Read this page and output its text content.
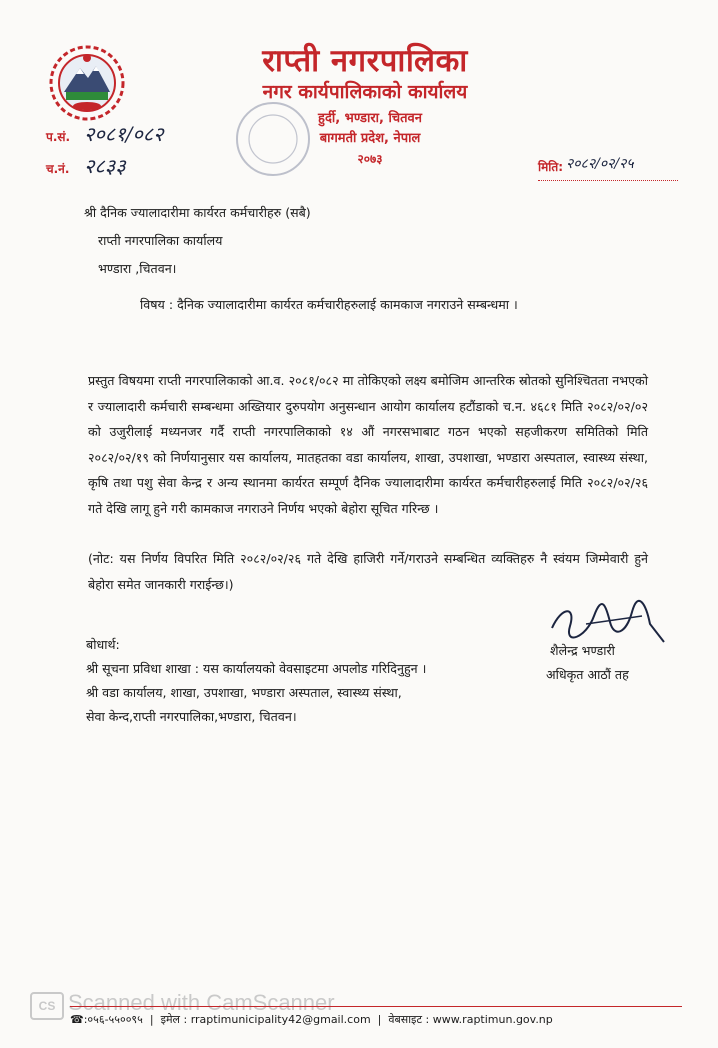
राप्ती नगरपालिका
नगर कार्यपालिकाको कार्यालय
हुर्दी, भण्डारा, चितवन
बागमती प्रदेश, नेपाल
२०७३
प.सं. २०८१/०८२
च.नं. २८३३	मिति: २०८२/०२/२५
श्री दैनिक ज्यालादारीमा कार्यरत कर्मचारीहरु (सबै)
राप्ती नगरपालिका कार्यालय
भण्डारा ,चितवन।
विषय : दैनिक ज्यालादारीमा कार्यरत कर्मचारीहरुलाई कामकाज नगराउने सम्बन्धमा ।
प्रस्तुत विषयमा राप्ती नगरपालिकाको आ.व. २०८१/०८२ मा तोकिएको लक्ष्य बमोजिम आन्तरिक स्रोतको सुनिश्चितता नभएको र ज्यालादारी कर्मचारी सम्बन्धमा अख्तियार दुरुपयोग अनुसन्धान आयोग कार्यालय हटौंडाको च.न. ४६८१ मिति २०८२/०२/०२ को उजुरीलाई मध्यनजर गर्दै राप्ती नगरपालिकाको १४ औं नगरसभाबाट गठन भएको सहजीकरण समितिको मिति २०८२/०२/१९ को निर्णयानुसार यस कार्यालय, मातहतका वडा कार्यालय, शाखा, उपशाखा, भण्डारा अस्पताल, स्वास्थ्य संस्था, कृषि तथा पशु सेवा केन्द्र र अन्य स्थानमा कार्यरत सम्पूर्ण दैनिक ज्यालादारीमा कार्यरत कर्मचारीहरुलाई मिति २०८२/०२/२६ गते देखि लागू हुने गरी कामकाज नगराउने निर्णय भएको बेहोरा सूचित गरिन्छ ।
(नोट: यस निर्णय विपरित मिति २०८२/०२/२६ गते देखि हाजिरी गर्ने/गराउने सम्बन्धित व्यक्तिहरु नै स्वंयम जिम्मेवारी हुने बेहोरा समेत जानकारी गराईन्छ।)
शैलेन्द्र भण्डारी
अधिकृत आठौं तह
बोधार्थ:
श्री सूचना प्रविधा शाखा : यस कार्यालयको वेवसाइटमा अपलोड गरिदिनुहुन ।
श्री वडा कार्यालय, शाखा, उपशाखा, भण्डारा अस्पताल, स्वास्थ्य संस्था,
सेवा केन्द,राप्ती नगरपालिका,भण्डारा, चितवन।
CS Scanned with CamScanner
☎:०५६-५५००९५  |  इमेल : rraptimunicipality42@gmail.com  |  वेबसाइट : www.raptimun.gov.np
